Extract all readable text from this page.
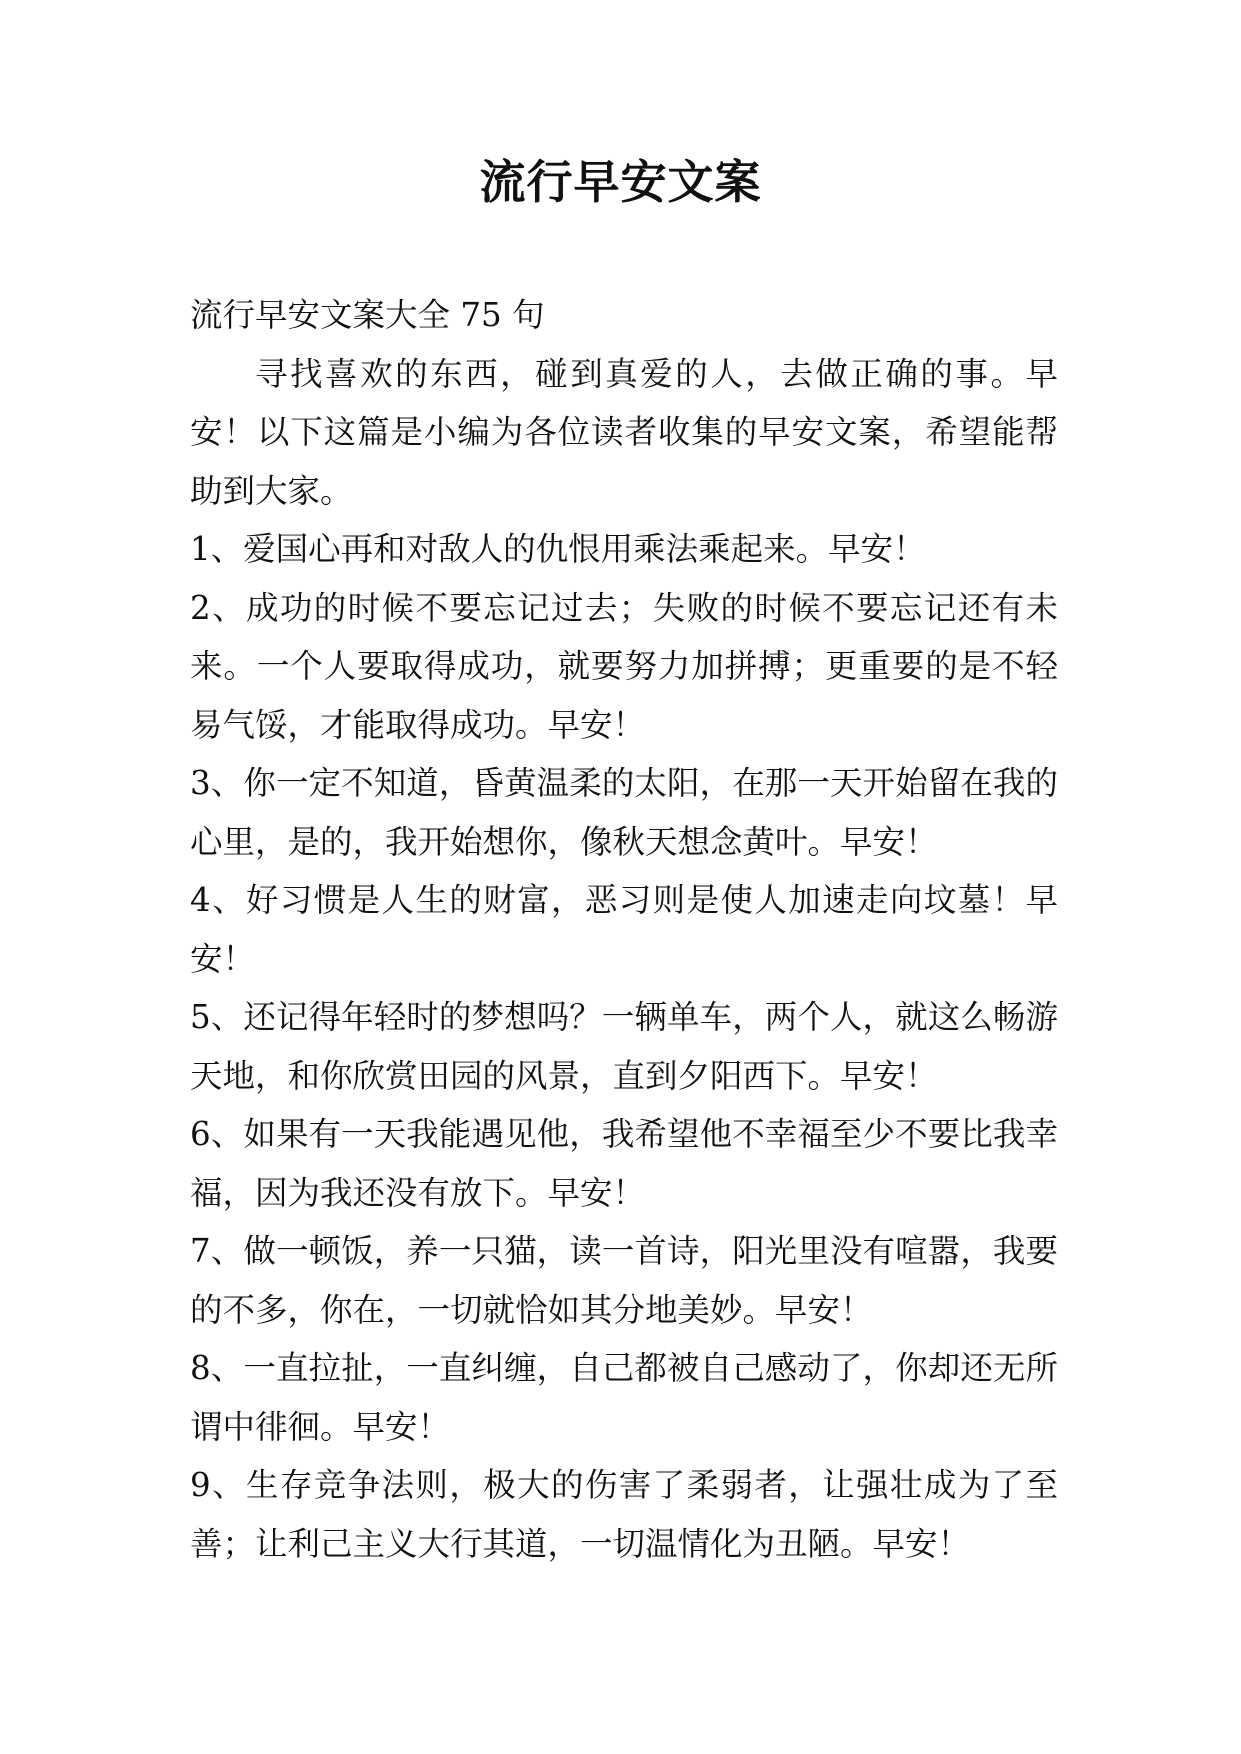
流行早安文案

流行早安文案大全 75 句

寻找喜欢的东西，碰到真爱的人，去做正确的事。早安！以下这篇是小编为各位读者收集的早安文案，希望能帮助到大家。

1、爱国心再和对敌人的仇恨用乘法乘起来。早安！

2、成功的时候不要忘记过去；失败的时候不要忘记还有未来。一个人要取得成功，就要努力加拼搏；更重要的是不轻易气馁，才能取得成功。早安！

3、你一定不知道，昏黄温柔的太阳，在那一天开始留在我的心里，是的，我开始想你，像秋天想念黄叶。早安！

4、好习惯是人生的财富，恶习则是使人加速走向坟墓！早安！

5、还记得年轻时的梦想吗？一辆单车，两个人，就这么畅游天地，和你欣赏田园的风景，直到夕阳西下。早安！

6、如果有一天我能遇见他，我希望他不幸福至少不要比我幸福，因为我还没有放下。早安！

7、做一顿饭，养一只猫，读一首诗，阳光里没有喧嚣，我要的不多，你在，一切就恰如其分地美妙。早安！

8、一直拉扯，一直纠缠，自己都被自己感动了，你却还无所谓中徘徊。早安！

9、生存竞争法则，极大的伤害了柔弱者，让强壮成为了至善；让利己主义大行其道，一切温情化为丑陋。早安！
